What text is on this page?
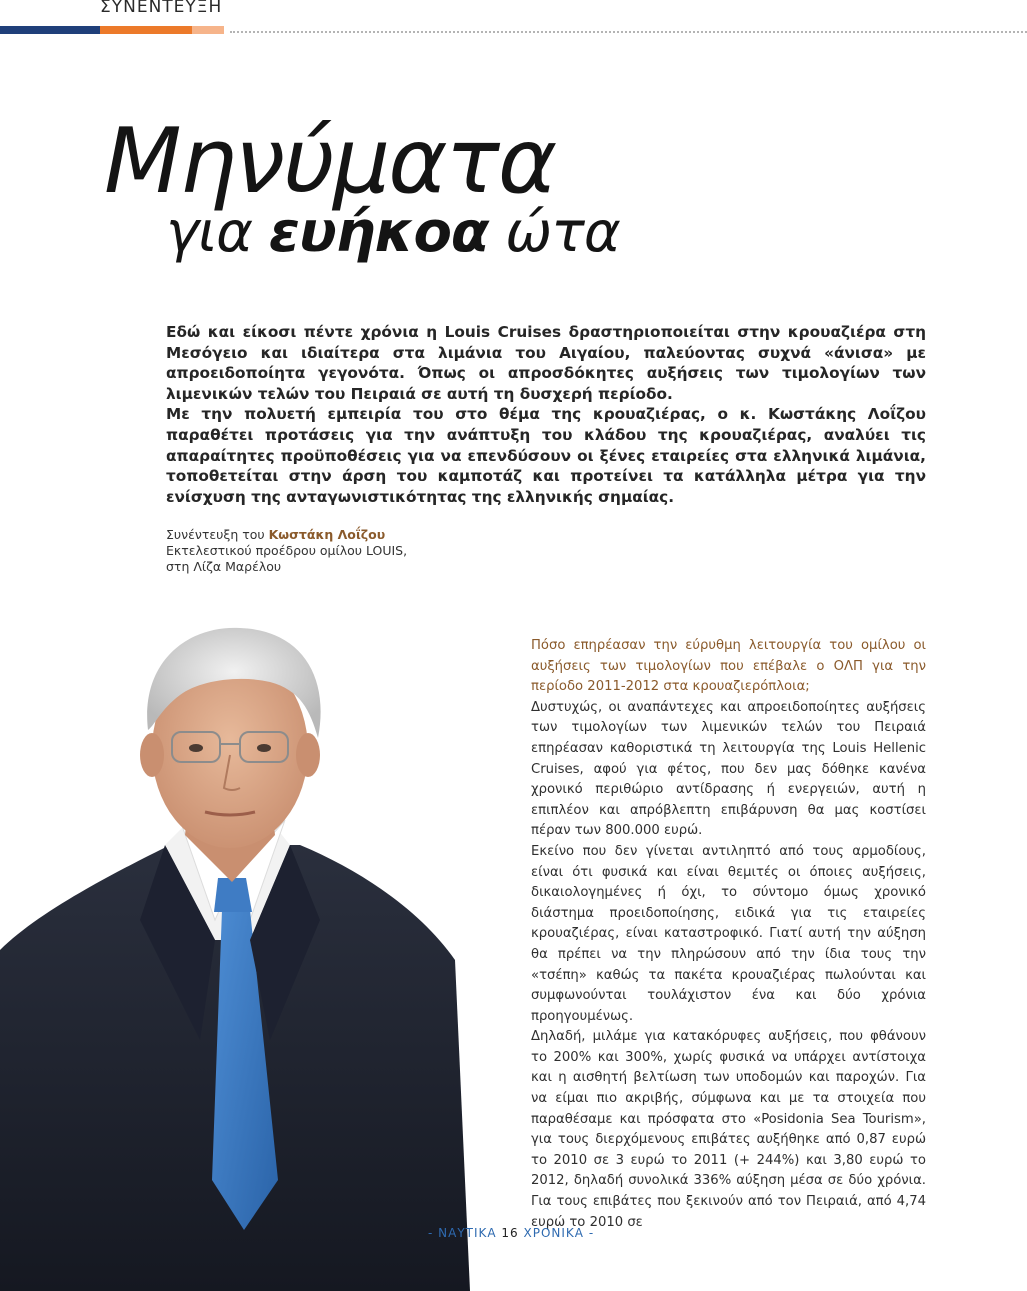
ΣΥΝΕΝΤΕΥΞΗ
Μηνύματα
για ευήκοα ώτα

Εδώ και είκοσι πέντε χρόνια η Louis Cruises δραστηριοποιείται στην κρουαζιέρα στη Μεσόγειο και ιδιαίτερα στα λιμάνια του Αιγαίου, παλεύοντας συχνά «άνισα» με απροειδοποίητα γεγονότα. Όπως οι απροσδόκητες αυξήσεις των τιμολογίων των λιμενικών τελών του Πειραιά σε αυτή τη δυσχερή περίοδο.

Με την πολυετή εμπειρία του στο θέμα της κρουαζιέρας, ο κ. Κωστάκης Λοΐζου παραθέτει προτάσεις για την ανάπτυξη του κλάδου της κρουαζιέρας, αναλύει τις απαραίτητες προϋποθέσεις για να επενδύσουν οι ξένες εταιρείες στα ελληνικά λιμάνια, τοποθετείται στην άρση του καμποτάζ και προτείνει τα κατάλληλα μέτρα για την ενίσχυση της ανταγωνιστικότητας της ελληνικής σημαίας.

Συνέντευξη του Κωστάκη Λοΐζου
Εκτελεστικού προέδρου ομίλου LOUIS,
στη Λίζα Μαρέλου

Πόσο επηρέασαν την εύρυθμη λειτουργία του ομίλου οι αυξήσεις των τιμολογίων που επέβαλε ο ΟΛΠ για την περίοδο 2011-2012 στα κρουαζιερόπλοια;

Δυστυχώς, οι αναπάντεχες και απροειδοποίητες αυξήσεις των τιμολογίων των λιμενικών τελών του Πειραιά επηρέασαν καθοριστικά τη λειτουργία της Louis Hellenic Cruises, αφού για φέτος, που δεν μας δόθηκε κανένα χρονικό περιθώριο αντίδρασης ή ενεργειών, αυτή η επιπλέον και απρόβλεπτη επιβάρυνση θα μας κοστίσει πέραν των 800.000 ευρώ.

Εκείνο που δεν γίνεται αντιληπτό από τους αρμοδίους, είναι ότι φυσικά και είναι θεμιτές οι όποιες αυξήσεις, δικαιολογημένες ή όχι, το σύντομο όμως χρονικό διάστημα προειδοποίησης, ειδικά για τις εταιρείες κρουαζιέρας, είναι καταστροφικό. Γιατί αυτή την αύξηση θα πρέπει να την πληρώσουν από την ίδια τους την «τσέπη» καθώς τα πακέτα κρουαζιέρας πωλούνται και συμφωνούνται τουλάχιστον ένα και δύο χρόνια προηγουμένως.

Δηλαδή, μιλάμε για κατακόρυφες αυξήσεις, που φθάνουν το 200% και 300%, χωρίς φυσικά να υπάρχει αντίστοιχα και η αισθητή βελτίωση των υποδομών και παροχών. Για να είμαι πιο ακριβής, σύμφωνα και με τα στοιχεία που παραθέσαμε και πρόσφατα στο «Posidonia Sea Tourism», για τους διερχόμενους επιβάτες αυξήθηκε από 0,87 ευρώ το 2010 σε 3 ευρώ το 2011 (+ 244%) και 3,80 ευρώ το 2012, δηλαδή συνολικά 336% αύξηση μέσα σε δύο χρόνια. Για τους επιβάτες που ξεκινούν από τον Πειραιά, από 4,74 ευρώ το 2010 σε

- ΝΑΥΤΙΚΑ 16 ΧΡΟΝΙΚΑ -
